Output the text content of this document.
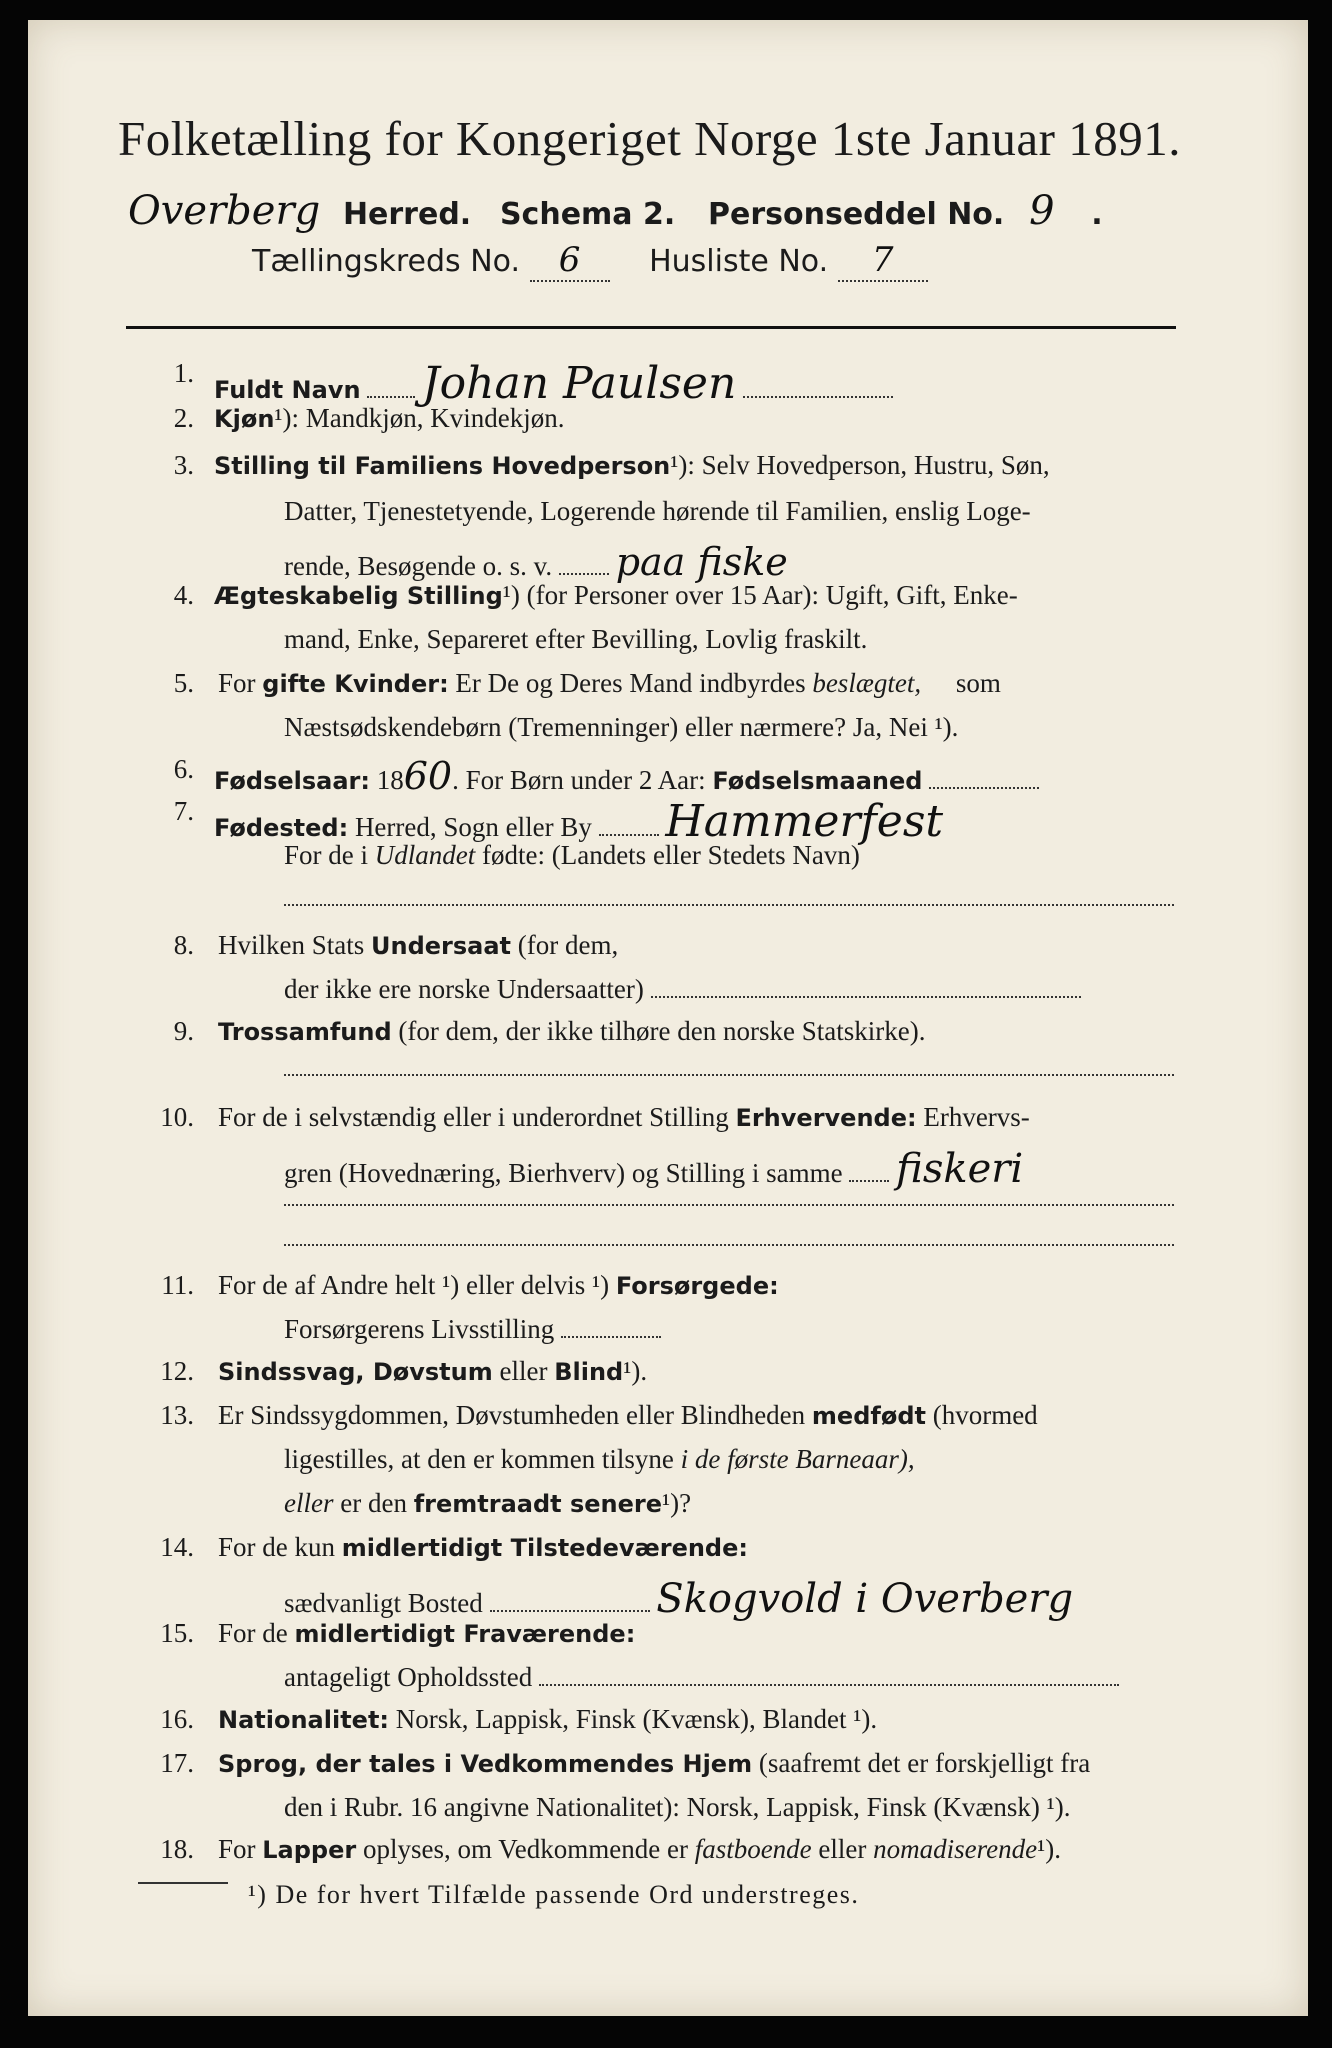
Folketælling for Kongeriget Norge 1ste Januar 1891.
Overberg Herred. Schema 2. Personseddel No. 9 .
Tællingskreds No. 6 Husliste No. 7
1.
Fuldt Navn Johan Paulsen
2. Kjøn¹): Mandkjøn, Kvindekjøn.
3. Stilling til Familiens Hovedperson¹): Selv Hovedperson, Hustru, Søn,
Datter, Tjenestetyende, Logerende hørende til Familien, enslig Loge-
rende, Besøgende o. s. v. paa fiske
4. Ægteskabelig Stilling¹) (for Personer over 15 Aar): Ugift, Gift, Enke-
mand, Enke, Separeret efter Bevilling, Lovlig fraskilt.
5. For gifte Kvinder: Er De og Deres Mand indbyrdes beslægtet, som
Næstsødskendebørn (Tremenninger) eller nærmere? Ja, Nei ¹).
6. Fødselsaar: 1860. For Børn under 2 Aar: Fødselsmaaned
7.
Fødested: Herred, Sogn eller By Hammerfest
For de i Udlandet fødte: (Landets eller Stedets Navn)
8. Hvilken Stats Undersaat (for dem,
der ikke ere norske Undersaatter)
9. Trossamfund (for dem, der ikke tilhøre den norske Statskirke).
10. For de i selvstændig eller i underordnet Stilling Erhvervende: Erhvervs-
gren (Hovednæring, Bierhverv) og Stilling i samme fiskeri
11. For de af Andre helt ¹) eller delvis ¹) Forsørgede:
Forsørgerens Livsstilling
12. Sindssvag, Døvstum eller Blind¹).
13. Er Sindssygdommen, Døvstumheden eller Blindheden medfødt (hvormed
ligestilles, at den er kommen tilsyne i de første Barneaar),
eller er den fremtraadt senere¹)?
14. For de kun midlertidigt Tilstedeværende:
sædvanligt Bosted	Skogvold i Overberg
15. For de midlertidigt Fraværende:
antageligt Opholdssted
16. Nationalitet: Norsk, Lappisk, Finsk (Kvænsk), Blandet ¹).
17. Sprog, der tales i Vedkommendes Hjem (saafremt det er forskjelligt fra
den i Rubr. 16 angivne Nationalitet): Norsk, Lappisk, Finsk (Kvænsk) ¹).
18. For Lapper oplyses, om Vedkommende er fastboende eller nomadiserende¹).
¹) De for hvert Tilfælde passende Ord understreges.
